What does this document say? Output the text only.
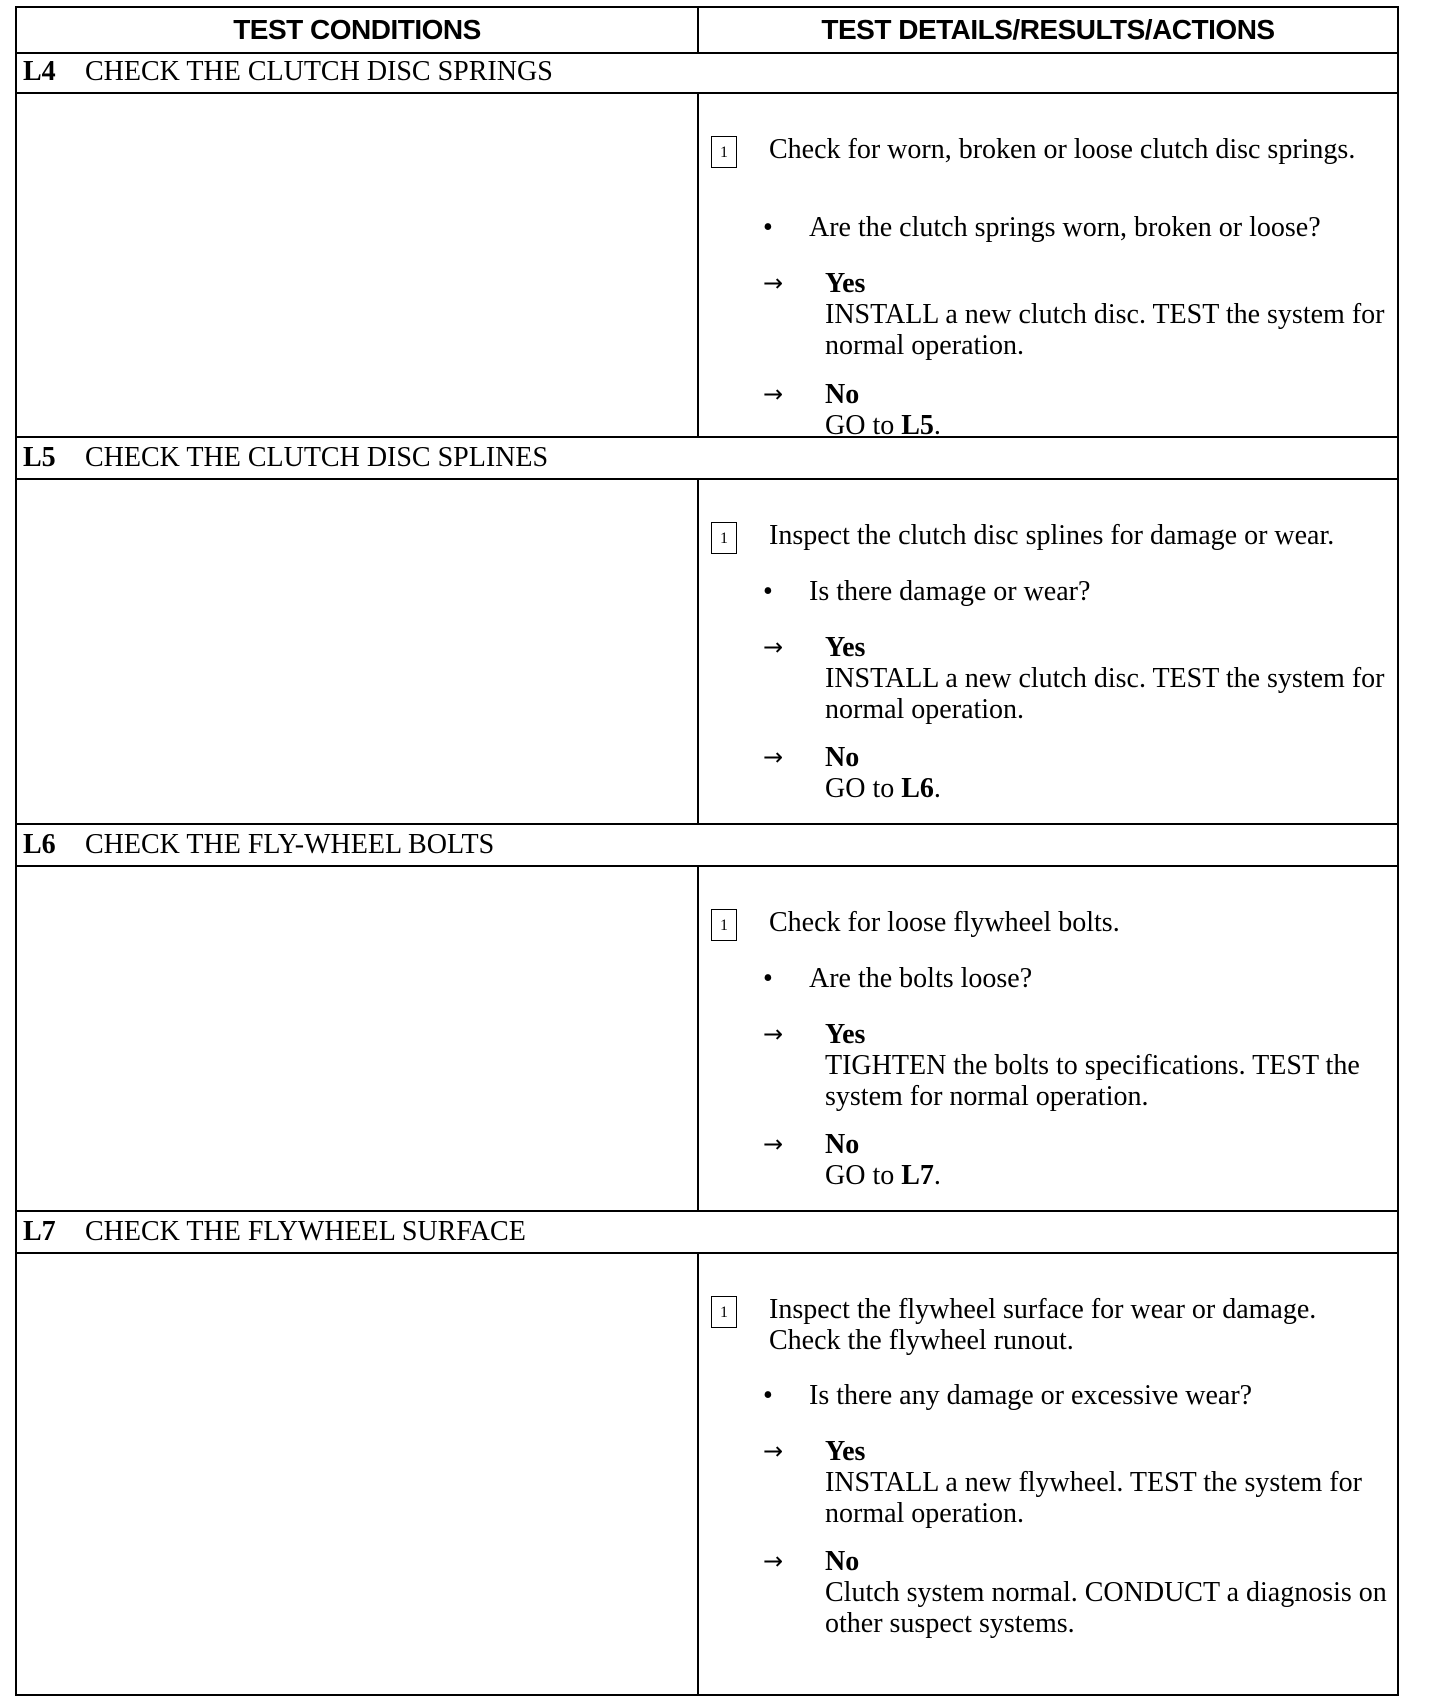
TEST CONDITIONS	TEST DETAILS/RESULTS/ACTIONS
L4	CHECK THE CLUTCH DISC SPRINGS
1	Check for worn, broken or loose clutch disc springs.
• Are the clutch springs worn, broken or loose?
→ Yes
INSTALL a new clutch disc. TEST the system for normal operation.
→ No
GO to L5.
L5	CHECK THE CLUTCH DISC SPLINES
1	Inspect the clutch disc splines for damage or wear.
• Is there damage or wear?
→ Yes
INSTALL a new clutch disc. TEST the system for normal operation.
→ No
GO to L6.
L6	CHECK THE FLY-WHEEL BOLTS
1	Check for loose flywheel bolts.
• Are the bolts loose?
→ Yes
TIGHTEN the bolts to specifications. TEST the system for normal operation.
→ No
GO to L7.
L7	CHECK THE FLYWHEEL SURFACE
1	Inspect the flywheel surface for wear or damage. Check the flywheel runout.
• Is there any damage or excessive wear?
→ Yes
INSTALL a new flywheel. TEST the system for normal operation.
→ No
Clutch system normal. CONDUCT a diagnosis on other suspect systems.
